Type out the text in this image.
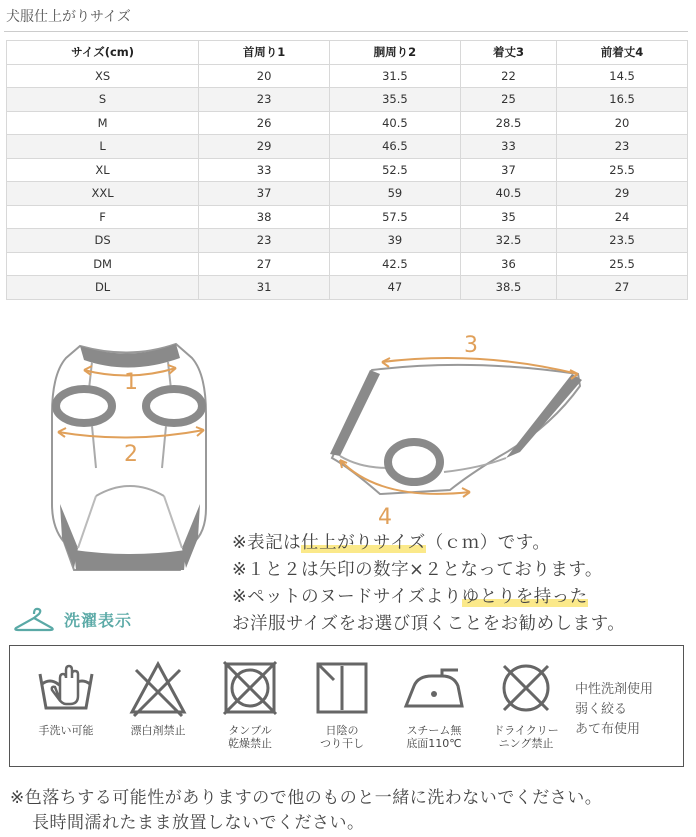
犬服仕上がりサイズ
サイズ(cm)	首周り1	胴周り2	着丈3	前着丈4
XS	20	31.5	22	14.5
S	23	35.5	25	16.5
M	26	40.5	28.5	20
L	29	46.5	33	23
XL	33	52.5	37	25.5
XXL	37	59	40.5	29
F	38	57.5	35	24
DS	23	39	32.5	23.5
DM	27	42.5	36	25.5
DL	31	47	38.5	27
1
2
3
4
※表記は仕上がりサイズ（ｃｍ）です。
※１と２は矢印の数字×２となっております。
※ペットのヌードサイズよりゆとりを持った
お洋服サイズをお選び頂くことをお勧めします。
洗濯表示
手洗い可能	漂白剤禁止	タンブル
乾燥禁止
日陰の
つり干し
スチーム無
底面110℃
ドライクリー
ニング禁止
中性洗剤使用
弱く絞る
あて布使用
※色落ちする可能性がありますので他のものと一緒に洗わないでください。
長時間濡れたまま放置しないでください。
